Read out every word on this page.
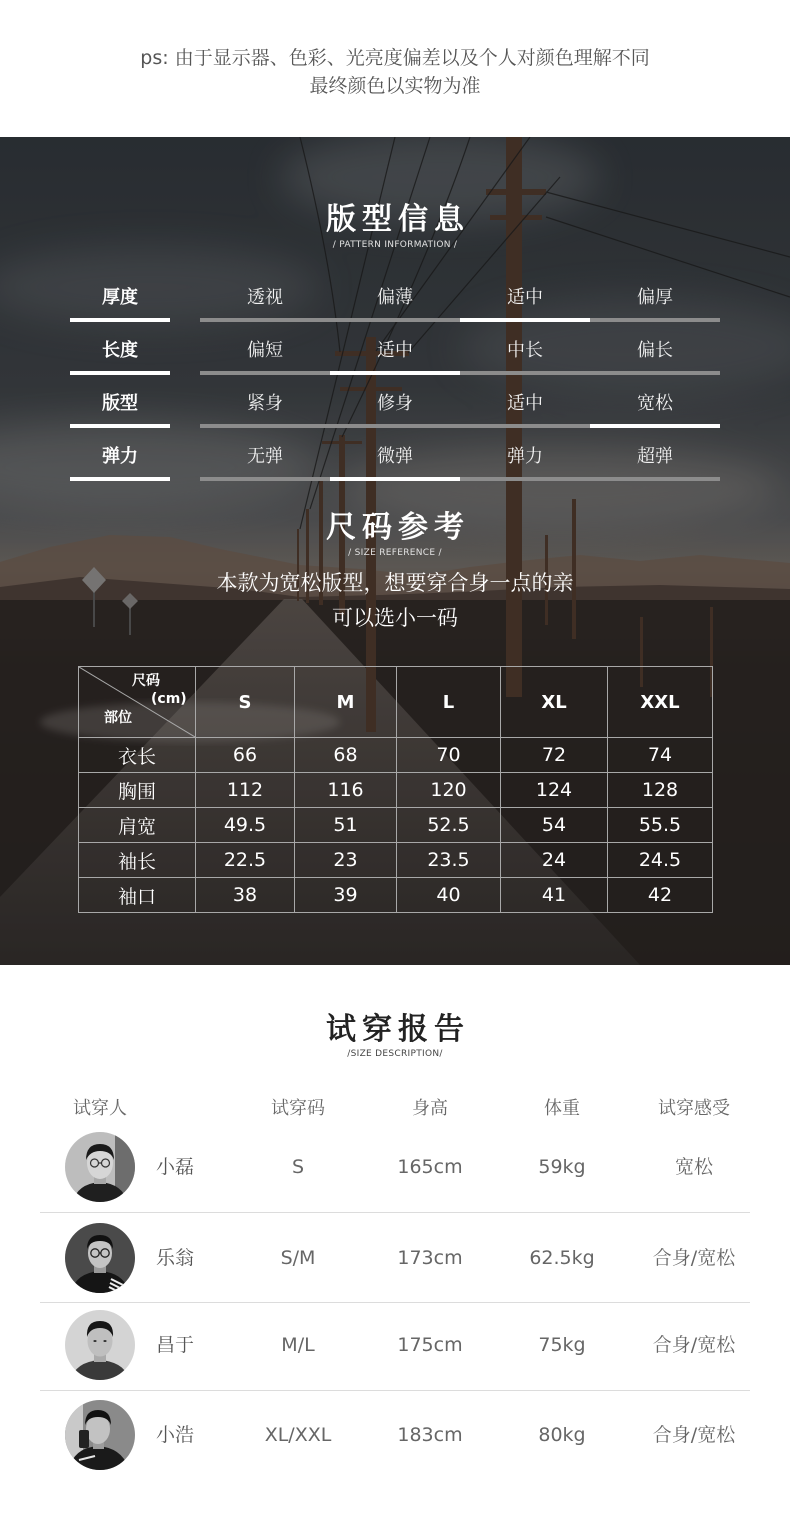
ps: 由于显示器、色彩、光亮度偏差以及个人对颜色理解不同
最终颜色以实物为准
版型信息
/ PATTERN INFORMATION /
厚度	透视	偏薄	适中	偏厚
长度	偏短	适中	中长	偏长
版型	紧身	修身	适中	宽松
弹力	无弹	微弹	弹力	超弹
尺码参考
/ SIZE REFERENCE /
本款为宽松版型，想要穿合身一点的亲
可以选小一码
尺码
(cm)
部位	S	M	L	XL	XXL
衣长	66	68	70	72	74
胸围	112	116	120	124	128
肩宽	49.5	51	52.5	54	55.5
袖长	22.5	23	23.5	24	24.5
袖口	38	39	40	41	42
试穿报告
/SIZE DESCRIPTION/
试穿人	试穿码	身高	体重	试穿感受
小磊	S	165cm	59kg	宽松
乐翁	S/M	173cm	62.5kg	合身/宽松
昌于	M/L	175cm	75kg	合身/宽松
小浩	XL/XXL	183cm	80kg	合身/宽松
